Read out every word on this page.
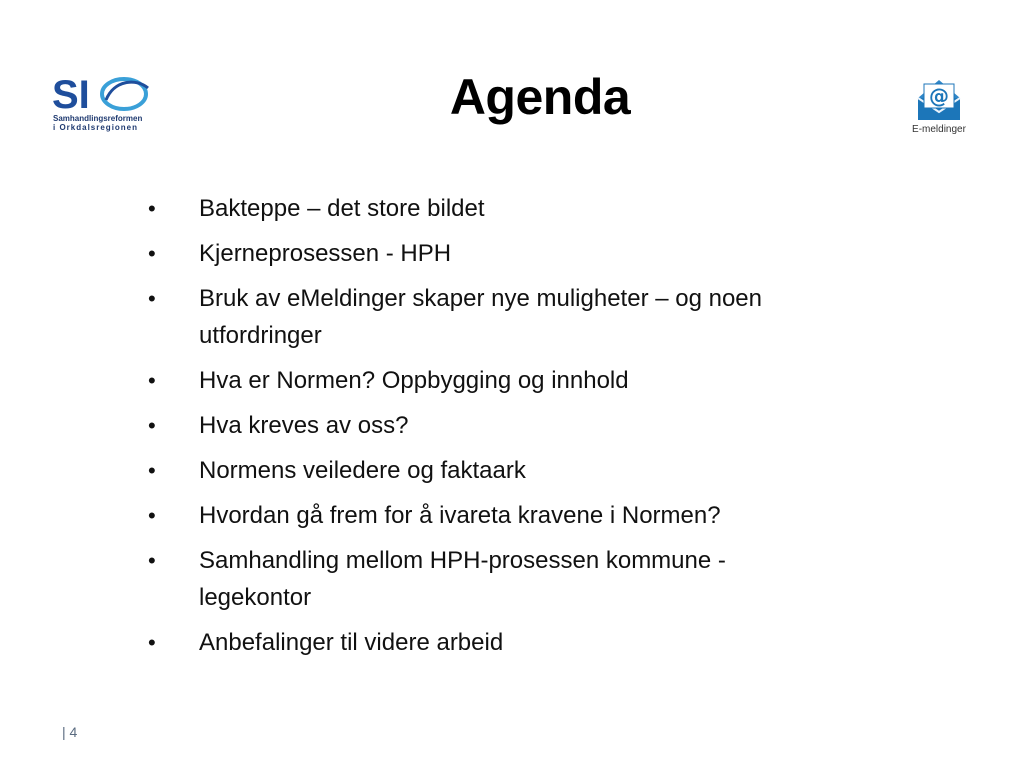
SI
Samhandlingsreformen
i Orkdalsregionen
Agenda	@
E-meldinger
• Bakteppe – det store bildet
• Kjerneprosessen - HPH
• Bruk av eMeldinger skaper nye muligheter – og noen utfordringer
• Hva er Normen? Oppbygging og innhold
• Hva kreves av oss?
• Normens veiledere og faktaark
• Hvordan gå frem for å ivareta kravene i Normen?
• Samhandling mellom HPH-prosessen kommune - legekontor
• Anbefalinger til videre arbeid
| 4
